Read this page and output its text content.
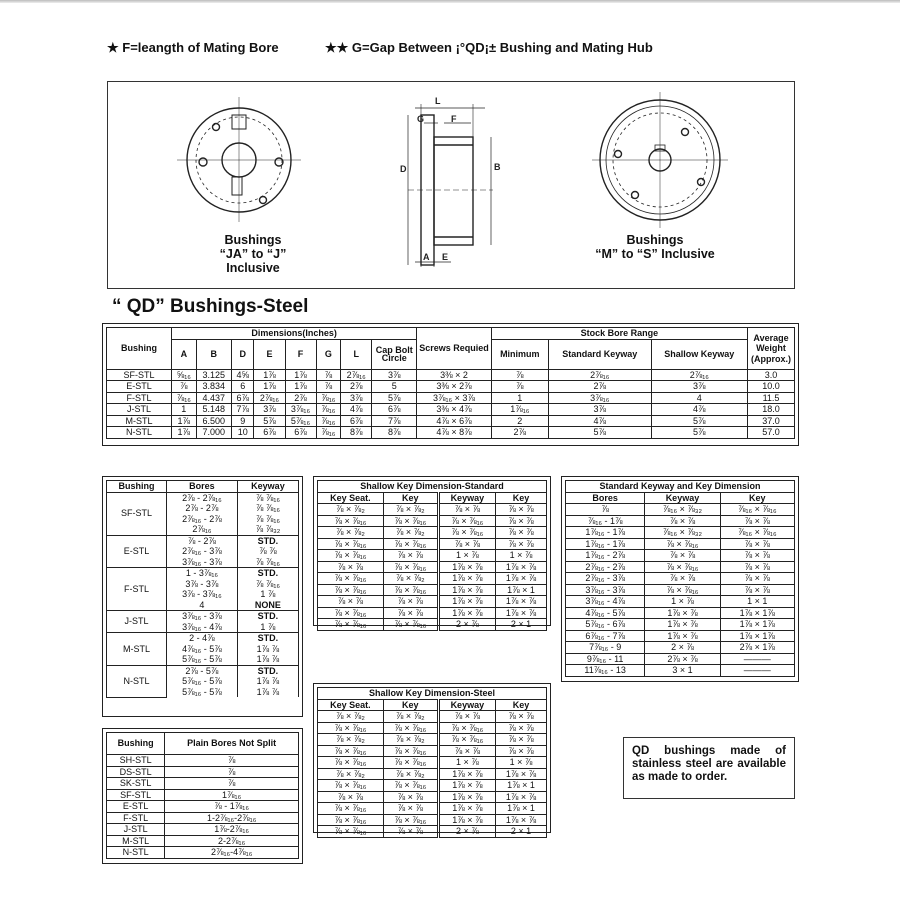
★ F=leangth of Mating Bore	★★ G=Gap Between ¡°QD¡± Bushing and Mating Hub
L
G	F
D	B
A E
Bushings
“JA” to “J” Inclusive
Bushings
“M” to “S” Inclusive
“ QD” Bushings-Steel
Bushing	Dimensions(Inches)								Screws Requied	Stock Bore Range			Average Weight (Approx.)
	A	B	D	E	F	G	L	Cap Bolt Circle		Minimum	Standard Keyway	Shallow Keyway	
SF-STL	⅝₁₆	3.125	4⅝	1⅞	1⅞	⅞	2⅞₁₆	3⅞	3⅜ × 2	⅞	2⅞₁₆	2⅞₁₆	3.0
E-STL	⅞	3.834	6	1⅞	1⅞	⅞	2⅞	5	3⅜ × 2⅞	⅞	2⅞	3⅞	10.0
F-STL	⅞₁₆	4.437	6⅞	2⅞₁₆	2⅞	⅞₁₆	3⅞	5⅞	3⅞₁₆ × 3⅞	1	3⅞₁₆	4	11.5
J-STL	1	5.148	7⅞	3⅞	3⅞₁₆	⅞₁₆	4⅞	6⅞	3⅜ × 4⅞	1⅞₁₆	3⅞	4⅞	18.0
M-STL	1⅞	6.500	9	5⅞	5⅞₁₆	⅞₁₆	6⅞	7⅞	4⅞ × 6⅞	2	4⅞	5⅞	37.0
N-STL	1⅞	7.000	10	6⅞	6⅞	⅞₁₆	8⅞	8⅞	4⅞ × 8⅞	2⅞	5⅞	5⅞	57.0
Bushing	Bores	Keyway
SF-STL	2⅞ - 2⅞₁₆	⅞ ⅞₁₆
	2⅞ - 2⅞	⅞ ⅞₁₆
	2⅞₁₆ - 2⅞	⅞ ⅞₁₆
	2⅞₁₆	⅞ ⅞₃₂
E-STL	⅞ - 2⅞	STD.
	2⅞₁₆ - 3⅞	⅞ ⅞
	3⅞₁₆ - 3⅞	⅞ ⅞₁₆
F-STL	1 - 3⅞₁₆	STD.
	3⅞ - 3⅞	⅞ ⅞₁₆
	3⅞ - 3⅞₁₆	1 ⅞
	4	NONE
J-STL	3⅞₁₆ - 3⅞	STD.
	3⅞₁₆ - 4⅞	1 ⅞
M-STL	2 - 4⅞	STD.
	4⅞₁₆ - 5⅞	1⅞ ⅞
	5⅞₁₆ - 5⅞	1⅞ ⅞
N-STL	2⅞ - 5⅞	STD.
	5⅞₁₆ - 5⅞	1⅞ ⅞
	5⅞₁₆ - 5⅞	1⅞ ⅞
Bushing	Plain Bores Not Split
SH-STL	⅞
DS-STL	⅞
SK-STL	⅞
SF-STL	1⅞₁₆
E-STL	⅞ - 1⅞₁₆
F-STL	1-2⅞₁₆-2⅞₁₆
J-STL	1⅞-2⅞₁₆
M-STL	2-2⅞₁₆
N-STL	2⅞₁₆-4⅞₁₆
Shallow Key Dimension-Standard			
Key Seat.	Key	Keyway	Key
⅞ × ⅞₂	⅞ × ⅞₂	⅞ × ⅞	⅞ × ⅞
⅞ × ⅞₁₆	⅞ × ⅞₁₆	⅞ × ⅞₁₆	⅞ × ⅞
⅞ × ⅞₂	⅞ × ⅞₂	⅞ × ⅞₁₆	⅞ × ⅞
⅞ × ⅞₁₆	⅞ × ⅞₁₆	⅞ × ⅞	⅞ × ⅞
⅞ × ⅞₁₆	⅞ × ⅞	1 × ⅞	1 × ⅞
⅞ × ⅞	⅞ × ⅞₁₆	1⅞ × ⅞	1⅞ × ⅞
⅞ × ⅞₁₆	⅞ × ⅞₂	1⅞ × ⅞	1⅞ × ⅞
⅞ × ⅞₁₆	⅞ × ⅞₁₆	1⅞ × ⅞	1⅞ × 1
⅞ × ⅞	⅞ × ⅞	1⅞ × ⅞	1⅞ × ⅞
⅞ × ⅞₁₆	⅞ × ⅞	1⅞ × ⅞	1⅞ × ⅞
⅞ × ⅞₁₆	⅞ × ⅞₁₆	2 × ⅞	2 × 1
Shallow Key Dimension-Steel			
Key Seat.	Key	Keyway	Key
⅞ × ⅞₂	⅞ × ⅞₂	⅞ × ⅞	⅞ × ⅞
⅞ × ⅞₁₆	⅞ × ⅞₁₆	⅞ × ⅞₁₆	⅞ × ⅞
⅞ × ⅞₂	⅞ × ⅞₂	⅞ × ⅞₁₆	⅞ × ⅞
⅞ × ⅞₁₆	⅞ × ⅞₁₆	⅞ × ⅞	⅞ × ⅞
⅞ × ⅞₁₆	⅞ × ⅞₁₆	1 × ⅞	1 × ⅞
⅞ × ⅞₂	⅞ × ⅞₂	1⅞ × ⅞	1⅞ × ⅞
⅞ × ⅞₁₆	⅞ × ⅞₁₆	1⅞ × ⅞	1⅞ × 1
⅞ × ⅞	⅞ × ⅞	1⅞ × ⅞	1⅞ × ⅞
⅞ × ⅞₁₆	⅞ × ⅞	1⅞ × ⅞	1⅞ × 1
⅞ × ⅞₁₆	⅞ × ⅞₁₆	1⅞ × ⅞	1⅞ × ⅞
⅞ × ⅞₁₆	⅞ × ⅞	2 × ⅞	2 × 1
Standard Keyway and Key Dimension		
Bores	Keyway	Key
⅞	⅞₁₆ × ⅞₃₂	⅞₁₆ × ⅞₁₆
⅞₁₆ - 1⅞	⅞ × ⅞	⅞ × ⅞
1⅞₁₆ - 1⅞	⅞₁₆ × ⅞₃₂	⅞₁₆ × ⅞₁₆
1⅞₁₆ - 1⅞	⅞ × ⅞₁₆	⅞ × ⅞
1⅞₁₆ - 2⅞	⅞ × ⅞	⅞ × ⅞
2⅞₁₆ - 2⅞	⅞ × ⅞₁₆	⅞ × ⅞
2⅞₁₆ - 3⅞	⅞ × ⅞	⅞ × ⅞
3⅞₁₆ - 3⅞	⅞ × ⅞₁₆	⅞ × ⅞
3⅞₁₆ - 4⅞	1 × ⅞	1 × 1
4⅞₁₆ - 5⅞	1⅞ × ⅞	1⅞ × 1⅞
5⅞₁₆ - 6⅞	1⅞ × ⅞	1⅞ × 1⅞
6⅞₁₆ - 7⅞	1⅞ × ⅞	1⅞ × 1⅞
7⅞₁₆ - 9	2 × ⅞	2⅞ × 1⅞
9⅞₁₆ - 11	2⅞ × ⅞	———
11⅞₁₆ - 13	3 × 1	———
QD bushings made of stainless steel are available as made to order.
